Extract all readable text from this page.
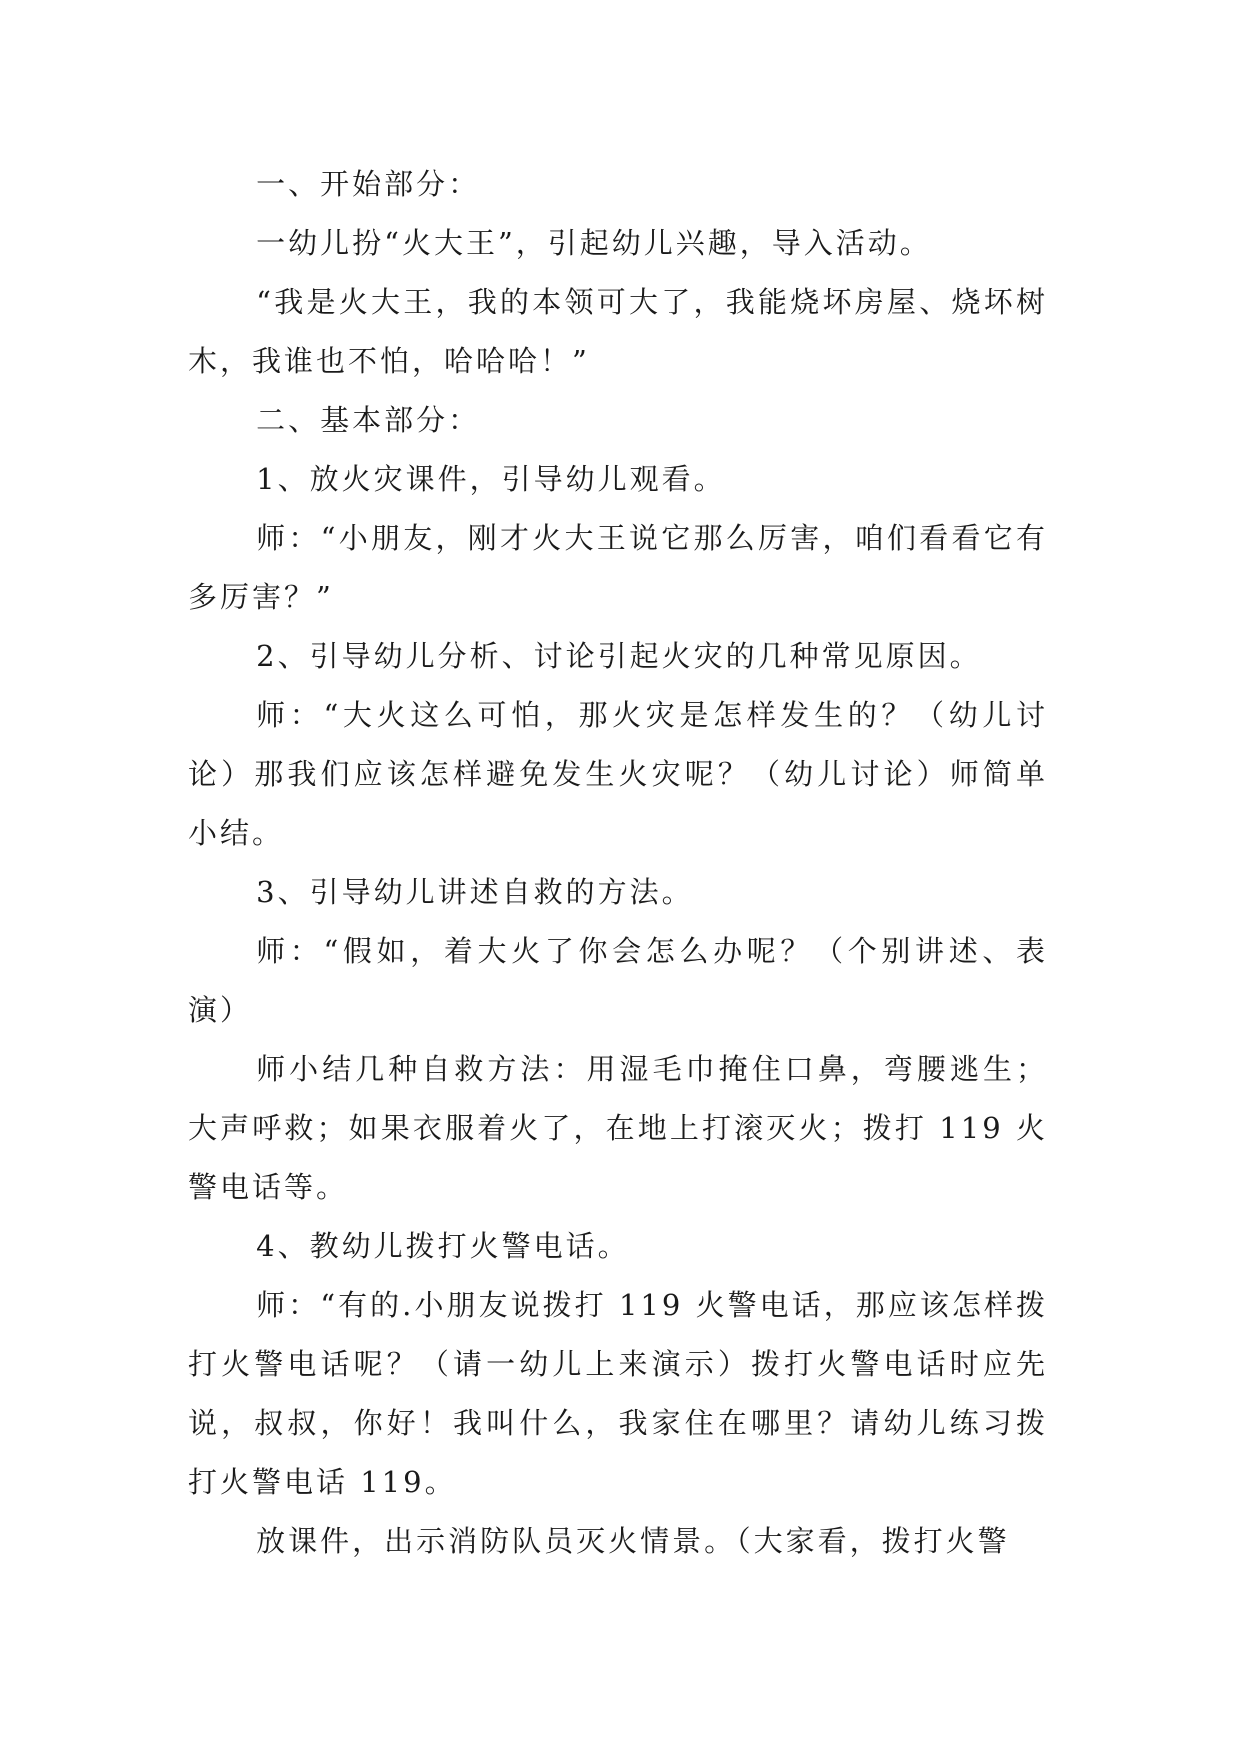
一、开始部分：

一幼儿扮“火大王”，引起幼儿兴趣，导入活动。

“我是火大王，我的本领可大了，我能烧坏房屋、烧坏树木，我谁也不怕，哈哈哈！”

二、基本部分：

1、放火灾课件，引导幼儿观看。

师：“小朋友，刚才火大王说它那么厉害，咱们看看它有多厉害？”

2、引导幼儿分析、讨论引起火灾的几种常见原因。

师：“大火这么可怕，那火灾是怎样发生的？（幼儿讨论）那我们应该怎样避免发生火灾呢？（幼儿讨论）师简单小结。

3、引导幼儿讲述自救的方法。

师：“假如，着大火了你会怎么办呢？（个别讲述、表演）

师小结几种自救方法：用湿毛巾掩住口鼻，弯腰逃生；大声呼救；如果衣服着火了，在地上打滚灭火；拨打 119 火警电话等。

4、教幼儿拨打火警电话。

师：“有的.小朋友说拨打 119 火警电话，那应该怎样拨打火警电话呢？（请一幼儿上来演示）拨打火警电话时应先说，叔叔，你好！我叫什么，我家住在哪里？请幼儿练习拨打火警电话 119。

放课件，出示消防队员灭火情景。（大家看，拨打火警
